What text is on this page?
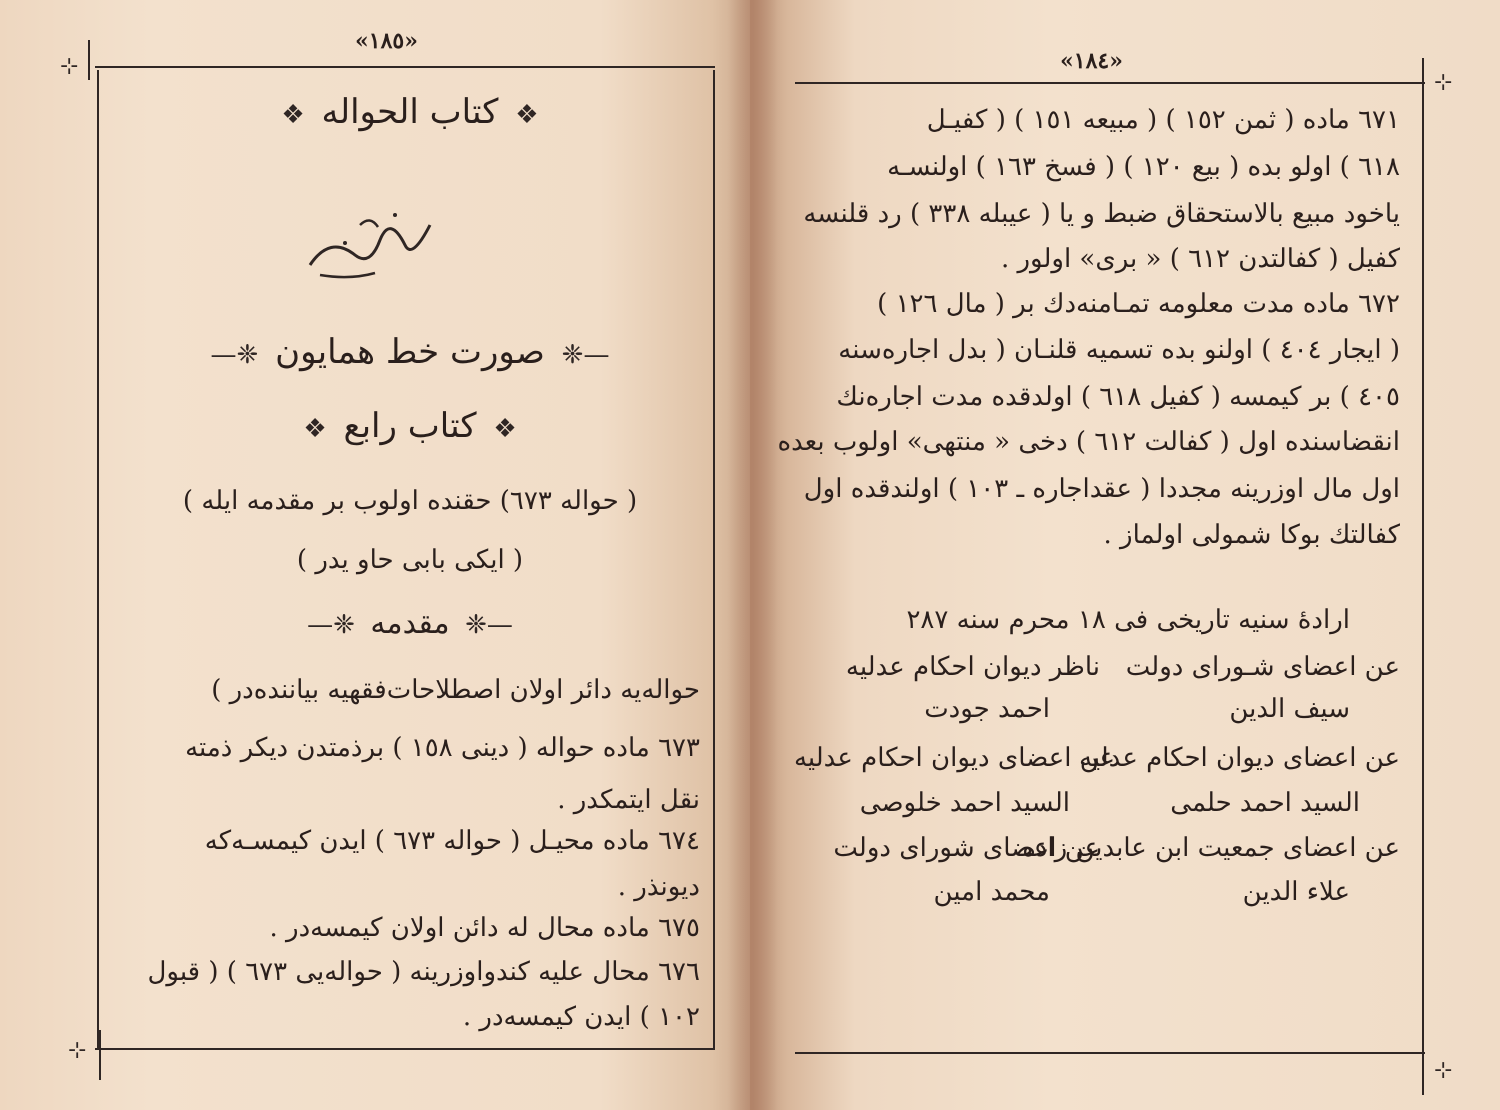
«١٨٥»
⊹
⊹
❖ كتاب الحواله ❖
—❈ صورت خط همايون ❈—
❖ كتاب رابع ❖
( حواله ٦٧٣) حقنده اولوب بر مقدمه ايله )
( ايكى بابى حاو يدر )
—❈ مقدمه ❈—
حواله‌يه دائر اولان اصطلاحات‌فقهيه بياننده‌در )
٦٧٣ ماده حواله ( دينى ١٥٨ ) برذمتدن ديكر ذمته
نقل ايتمكدر .
٦٧٤ ماده محيـل ( حواله ٦٧٣ ) ايدن كيمسـه‌كه
ديونذر .
٦٧٥ ماده محال له دائن اولان كيمسه‌در .
٦٧٦ محال عليه كندواوزرينه ( حواله‌يى ٦٧٣ ) ( قبول
١٠٢ ) ايدن كيمسه‌در .
«١٨٤»
⊹
⊹
٦٧١ ماده ( ثمن ١٥٢ ) ( مبيعه ١٥١ ) ( كفيـل
٦١٨ ) اولو بده ( بيع ١٢٠ ) ( فسخ ١٦٣ ) اولنسـه
ياخود مبيع بالاستحقاق ضبط و يا ( عيبله ٣٣٨ ) رد قلنسه
كفيل ( كفالتدن ٦١٢ ) « برى» اولور .
٦٧٢ ماده مدت معلومه تمـامنه‌دك بر ( مال ١٢٦ )
( ايجار ٤٠٤ ) اولنو بده تسميه قلنـان ( بدل اجاره‌سنه
٤٠٥ ) بر كيمسه ( كفيل ٦١٨ ) اولدقده مدت اجاره‌نك
انقضاسنده اول ( كفالت ٦١٢ ) دخى « منتهى» اولوب بعده
اول مال اوزرينه مجددا ( عقداجاره ـ ١٠٣ ) اولندقده اول
كفالتك بوكا شمولى اولماز .
ارادهٔ سنيه تاريخى فى ١٨ محرم سنه ٢٨٧
عن اعضاى شـوراى دولت
سيف الدين
ناظر ديوان احكام عدليه
احمد جودت
عن اعضاى ديوان احكام عدليه
السيد احمد حلمى
عن اعضاى ديوان احكام عدليه
السيد احمد خلوصى
عن اعضاى جمعيت ابن عابدين زاده
علاء الدين
عن اعضاى شوراى دولت
محمد امين
